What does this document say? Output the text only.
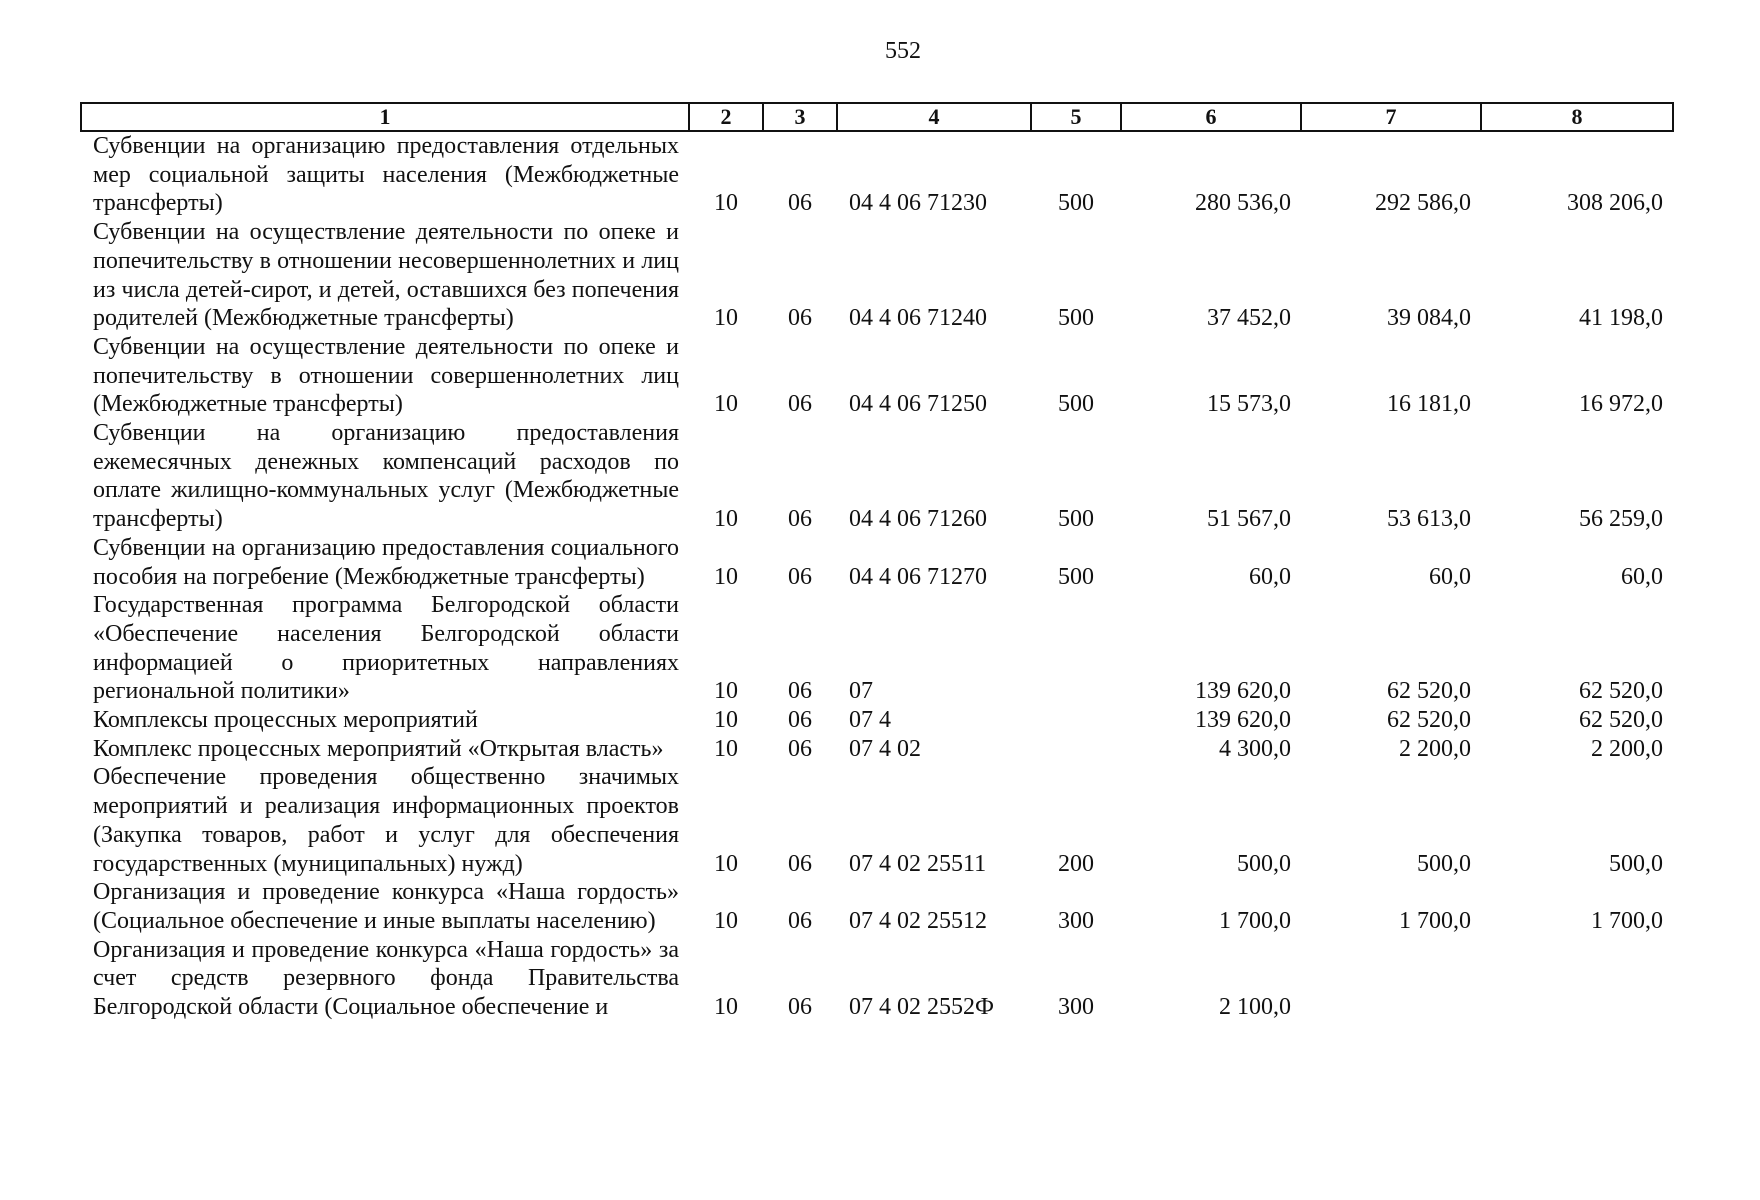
552
1	2	3	4	5	6	7	8
Субвенции на организацию предоставления отдельных мер социальной защиты населения (Межбюджетные трансферты)	10	06	04 4 06 71230	500	280 536,0	292 586,0	308 206,0
Субвенции на осуществление деятельности по опеке и попечительству в отношении несовершеннолетних и лиц из числа детей-сирот, и детей, оставшихся без попечения родителей (Межбюджетные трансферты)	10	06	04 4 06 71240	500	37 452,0	39 084,0	41 198,0
Субвенции на осуществление деятельности по опеке и попечительству в отношении совершеннолетних лиц (Межбюджетные трансферты)	10	06	04 4 06 71250	500	15 573,0	16 181,0	16 972,0
Субвенции на организацию предоставления ежемесячных денежных компенсаций расходов по оплате жилищно-коммунальных услуг (Межбюджетные трансферты)	10	06	04 4 06 71260	500	51 567,0	53 613,0	56 259,0
Субвенции на организацию предоставления социального пособия на погребение (Межбюджетные трансферты)	10	06	04 4 06 71270	500	60,0	60,0	60,0
Государственная программа Белгородской области «Обеспечение населения Белгородской области информацией о приоритетных направлениях региональной политики»	10	06	07		139 620,0	62 520,0	62 520,0
Комплексы процессных мероприятий	10	06	07 4		139 620,0	62 520,0	62 520,0
Комплекс процессных мероприятий «Открытая власть»	10	06	07 4 02		4 300,0	2 200,0	2 200,0
Обеспечение проведения общественно значимых мероприятий и реализация информационных проектов (Закупка товаров, работ и услуг для обеспечения государственных (муниципальных) нужд)	10	06	07 4 02 25511	200	500,0	500,0	500,0
Организация и проведение конкурса «Наша гордость» (Социальное обеспечение и иные выплаты населению)	10	06	07 4 02 25512	300	1 700,0	1 700,0	1 700,0
Организация и проведение конкурса «Наша гордость» за счет средств резервного фонда Правительства Белгородской области (Социальное обеспечение и	10	06	07 4 02 2552Ф	300	2 100,0		
